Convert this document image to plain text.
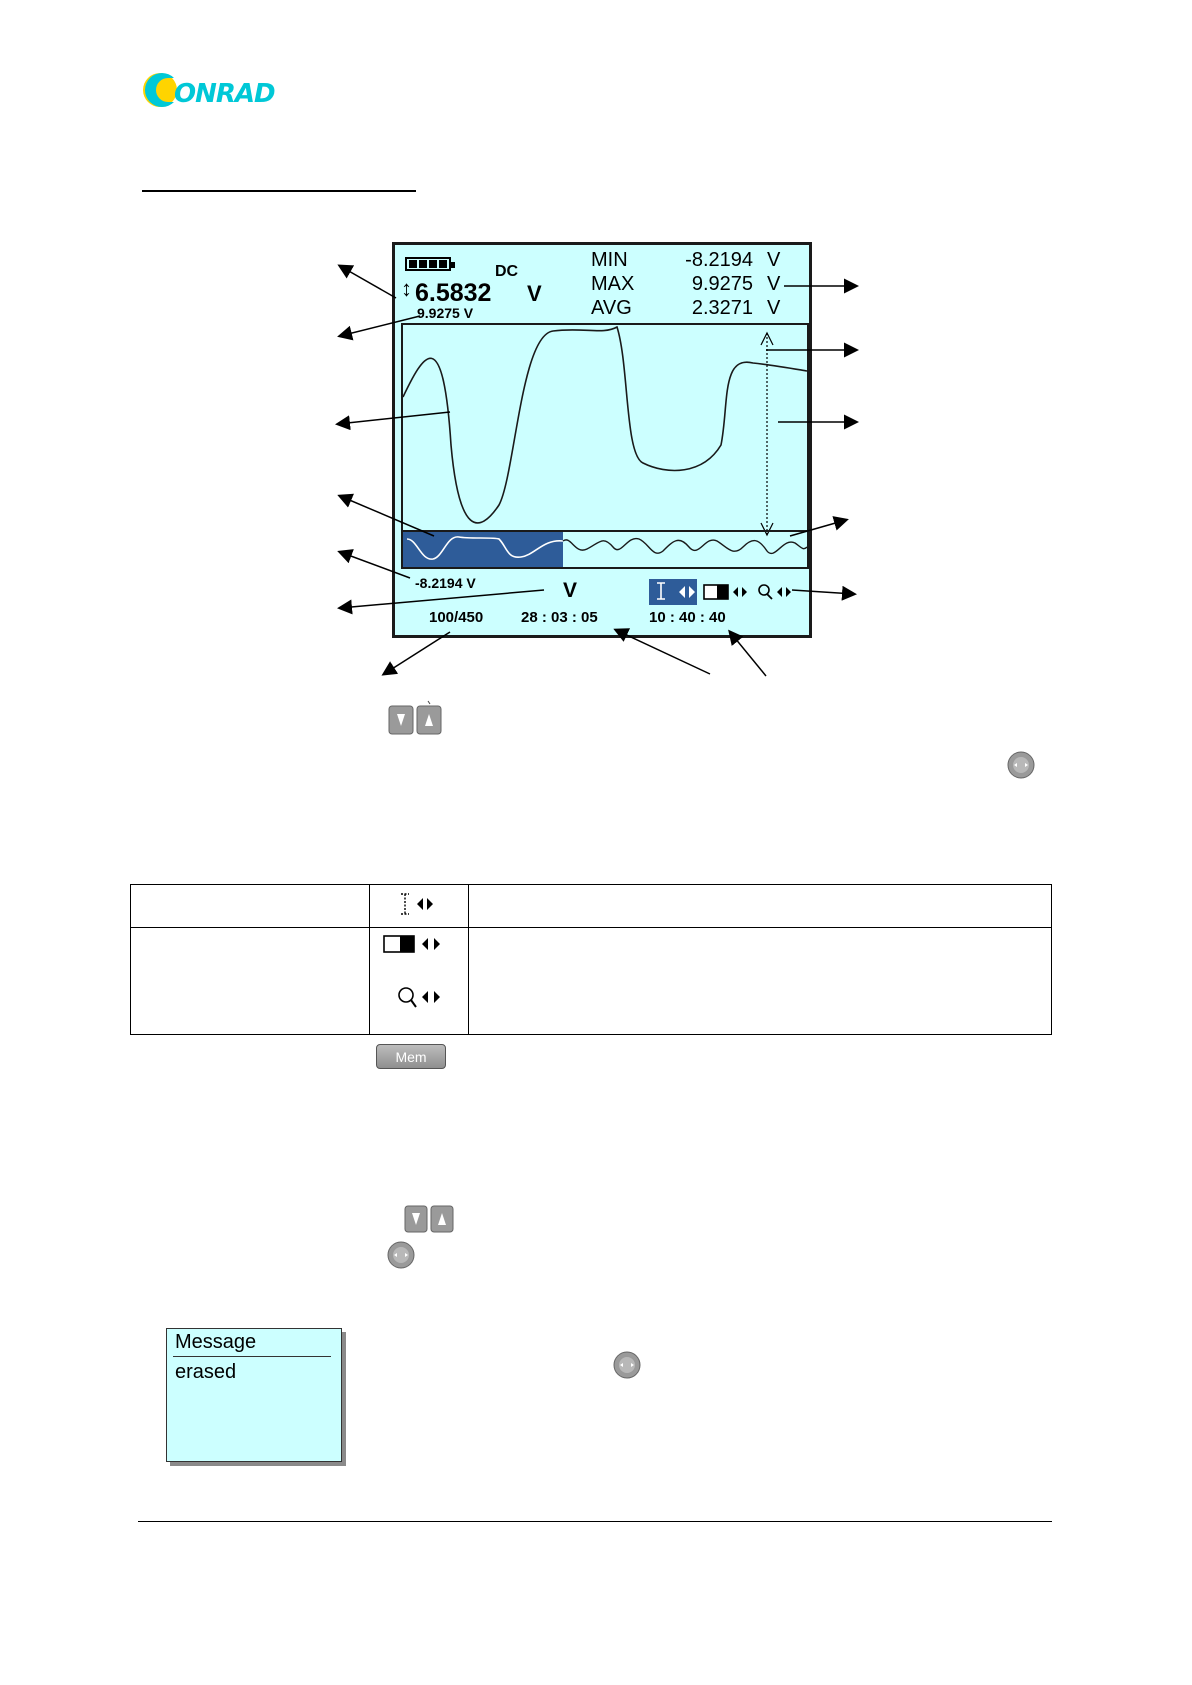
ONRAD
DC
↕ 6.5832 V
9.9275 V
MIN	-8.2194 V
MAX	9.9275 V
AVG	2.3271 V
-8.2194 V	V
100/450	28 : 03 : 05	10 : 40 : 40

Mem
Message
erased
